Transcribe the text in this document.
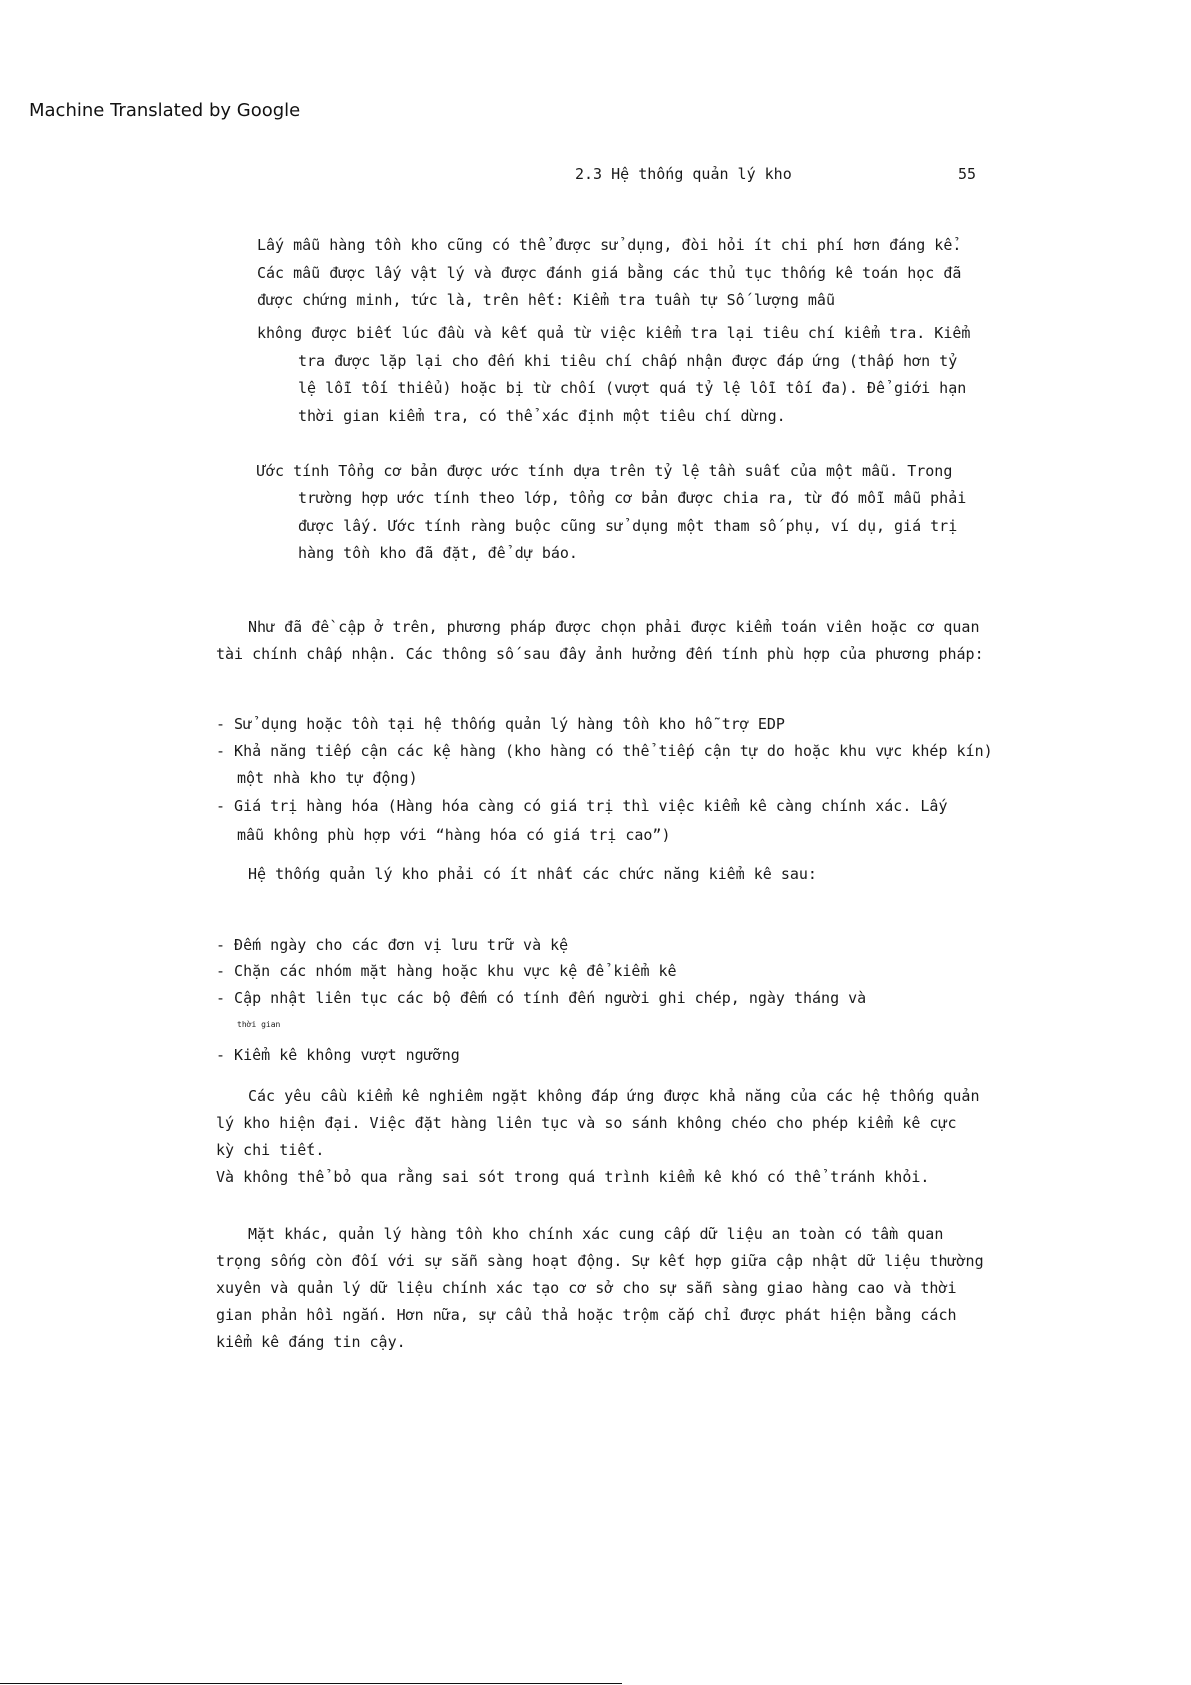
Machine Translated by Google
2.3 Hệ thống quản lý kho	55
Lấy mẫu hàng tồn kho cũng có thể được sử dụng, đòi hỏi ít chi phí hơn đáng kể.
Các mẫu được lấy vật lý và được đánh giá bằng các thủ tục thống kê toán học đã
được chứng minh, tức là, trên hết: Kiểm tra tuần tự Số lượng mẫu
không được biết lúc đầu và kết quả từ việc kiểm tra lại tiêu chí kiểm tra. Kiểm
tra được lặp lại cho đến khi tiêu chí chấp nhận được đáp ứng (thấp hơn tỷ
lệ lỗi tối thiểu) hoặc bị từ chối (vượt quá tỷ lệ lỗi tối đa). Để giới hạn
thời gian kiểm tra, có thể xác định một tiêu chí dừng.
Ước tính Tổng cơ bản được ước tính dựa trên tỷ lệ tần suất của một mẫu. Trong
trường hợp ước tính theo lớp, tổng cơ bản được chia ra, từ đó mỗi mẫu phải
được lấy. Ước tính ràng buộc cũng sử dụng một tham số phụ, ví dụ, giá trị
hàng tồn kho đã đặt, để dự báo.
Như đã đề cập ở trên, phương pháp được chọn phải được kiểm toán viên hoặc cơ quan
tài chính chấp nhận. Các thông số sau đây ảnh hưởng đến tính phù hợp của phương pháp:
- Sử dụng hoặc tồn tại hệ thống quản lý hàng tồn kho hỗ trợ EDP
- Khả năng tiếp cận các kệ hàng (kho hàng có thể tiếp cận tự do hoặc khu vực khép kín)
một nhà kho tự động)
- Giá trị hàng hóa (Hàng hóa càng có giá trị thì việc kiểm kê càng chính xác. Lấy
mẫu không phù hợp với “hàng hóa có giá trị cao”)
Hệ thống quản lý kho phải có ít nhất các chức năng kiểm kê sau:
- Đếm ngày cho các đơn vị lưu trữ và kệ
- Chặn các nhóm mặt hàng hoặc khu vực kệ để kiểm kê
- Cập nhật liên tục các bộ đếm có tính đến người ghi chép, ngày tháng và
thời gian
- Kiểm kê không vượt ngưỡng
Các yêu cầu kiểm kê nghiêm ngặt không đáp ứng được khả năng của các hệ thống quản
lý kho hiện đại. Việc đặt hàng liên tục và so sánh không chéo cho phép kiểm kê cực
kỳ chi tiết.
Và không thể bỏ qua rằng sai sót trong quá trình kiểm kê khó có thể tránh khỏi.
Mặt khác, quản lý hàng tồn kho chính xác cung cấp dữ liệu an toàn có tầm quan
trọng sống còn đối với sự sẵn sàng hoạt động. Sự kết hợp giữa cập nhật dữ liệu thường
xuyên và quản lý dữ liệu chính xác tạo cơ sở cho sự sẵn sàng giao hàng cao và thời
gian phản hồi ngắn. Hơn nữa, sự cẩu thả hoặc trộm cắp chỉ được phát hiện bằng cách
kiểm kê đáng tin cậy.
